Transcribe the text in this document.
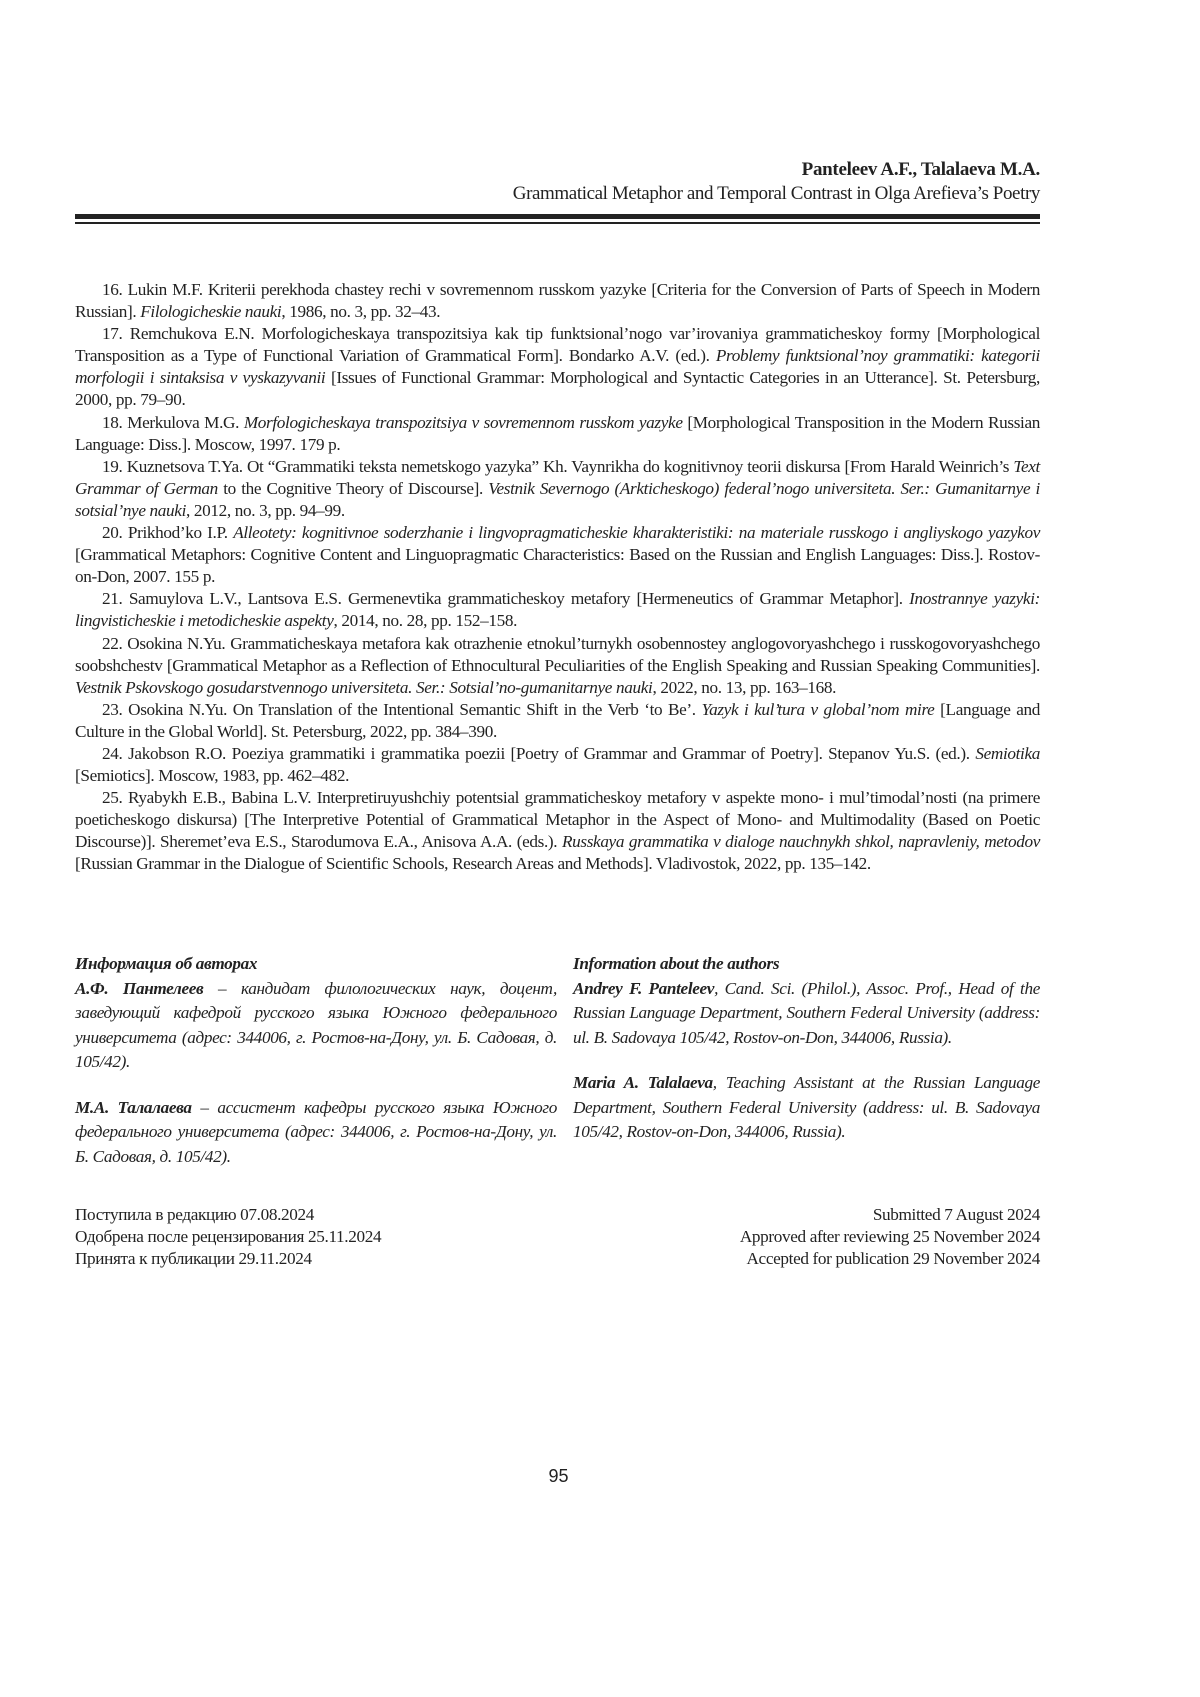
Panteleev A.F., Talalaeva M.A.
Grammatical Metaphor and Temporal Contrast in Olga Arefieva’s Poetry

16. Lukin M.F. Kriterii perekhoda chastey rechi v sovremennom russkom yazyke [Criteria for the Conversion of Parts of Speech in Modern Russian]. Filologicheskie nauki, 1986, no. 3, pp. 32–43.

17. Remchukova E.N. Morfologicheskaya transpozitsiya kak tip funktsional’nogo var’irovaniya grammaticheskoy formy [Morphological Transposition as a Type of Functional Variation of Grammatical Form]. Bondarko A.V. (ed.). Problemy funktsional’noy grammatiki: kategorii morfologii i sintaksisa v vyskazyvanii [Issues of Functional Grammar: Morphological and Syntactic Categories in an Utterance]. St. Petersburg, 2000, pp. 79–90.

18. Merkulova M.G. Morfologicheskaya transpozitsiya v sovremennom russkom yazyke [Morphological Transposition in the Modern Russian Language: Diss.]. Moscow, 1997. 179 p.

19. Kuznetsova T.Ya. Ot “Grammatiki teksta nemetskogo yazyka” Kh. Vaynrikha do kognitivnoy teorii diskursa [From Harald Weinrich’s Text Grammar of German to the Cognitive Theory of Discourse]. Vestnik Severnogo (Arkticheskogo) federal’nogo universiteta. Ser.: Gumanitarnye i sotsial’nye nauki, 2012, no. 3, pp. 94–99.

20. Prikhod’ko I.P. Alleotety: kognitivnoe soderzhanie i lingvopragmaticheskie kharakteristiki: na materiale russkogo i angliyskogo yazykov [Grammatical Metaphors: Cognitive Content and Linguopragmatic Characteristics: Based on the Russian and English Languages: Diss.]. Rostov-on-Don, 2007. 155 p.

21. Samuylova L.V., Lantsova E.S. Germenevtika grammaticheskoy metafory [Hermeneutics of Grammar Metaphor]. Inostrannye yazyki: lingvisticheskie i metodicheskie aspekty, 2014, no. 28, pp. 152–158.

22. Osokina N.Yu. Grammaticheskaya metafora kak otrazhenie etnokul’turnykh osobennostey anglogovoryashchego i russkogovoryashchego soobshchestv [Grammatical Metaphor as a Reflection of Ethnocultural Peculiarities of the English Speaking and Russian Speaking Communities]. Vestnik Pskovskogo gosudarstvennogo universiteta. Ser.: Sotsial’no-gumanitarnye nauki, 2022, no. 13, pp. 163–168.

23. Osokina N.Yu. On Translation of the Intentional Semantic Shift in the Verb ‘to Be’. Yazyk i kul’tura v global’nom mire [Language and Culture in the Global World]. St. Petersburg, 2022, pp. 384–390.

24. Jakobson R.O. Poeziya grammatiki i grammatika poezii [Poetry of Grammar and Grammar of Poetry]. Stepanov Yu.S. (ed.). Semiotika [Semiotics]. Moscow, 1983, pp. 462–482.

25. Ryabykh E.B., Babina L.V. Interpretiruyushchiy potentsial grammaticheskoy metafory v aspekte mono- i mul’timodal’nosti (na primere poeticheskogo diskursa) [The Interpretive Potential of Grammatical Metaphor in the Aspect of Mono- and Multimodality (Based on Poetic Discourse)]. Sheremet’eva E.S., Starodumova E.A., Anisova A.A. (eds.). Russkaya grammatika v dialoge nauchnykh shkol, napravleniy, metodov [Russian Grammar in the Dialogue of Scientific Schools, Research Areas and Methods]. Vladivostok, 2022, pp. 135–142.

Информация об авторах

А.Ф. Пантелеев – кандидат филологических наук, доцент, заведующий кафедрой русского языка Южного федерального университета (адрес: 344006, г. Ростов-на-Дону, ул. Б. Садовая, д. 105/42).

М.А. Талалаева – ассистент кафедры русского языка Южного федерального университета (адрес: 344006, г. Ростов-на-Дону, ул. Б. Садовая, д. 105/42).

Information about the authors

Andrey F. Panteleev, Cand. Sci. (Philol.), Assoc. Prof., Head of the Russian Language Department, Southern Federal University (address: ul. B. Sadovaya 105/42, Rostov-on-Don, 344006, Russia).

Maria A. Talalaeva, Teaching Assistant at the Russian Language Department, Southern Federal University (address: ul. B. Sadovaya 105/42, Rostov-on-Don, 344006, Russia).

Поступила в редакцию 07.08.2024
Одобрена после рецензирования 25.11.2024
Принята к публикации 29.11.2024
Submitted 7 August 2024
Approved after reviewing 25 November 2024
Accepted for publication 29 November 2024
95
